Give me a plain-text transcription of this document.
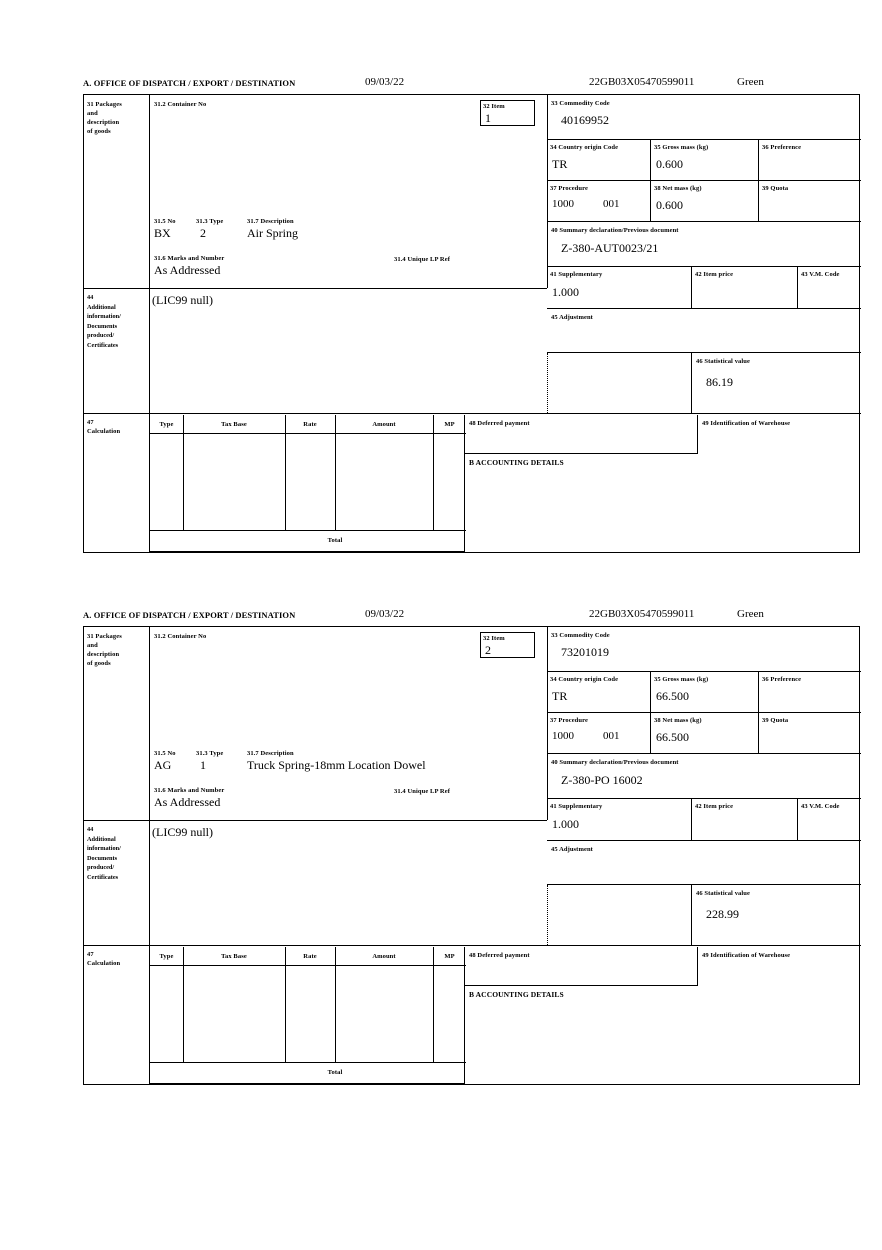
A. OFFICE OF DISPATCH / EXPORT / DESTINATION	09/03/22	22GB03X05470599011	Green
31 Packages
and
description
of goods
31.2 Container No
31.5 No	31.3 Type	31.7 Description
BX 2	Air Spring
31.6 Marks and Number	31.4 Unique LP Ref
As Addressed
32 Item
1
33 Commodity Code
40169952
34 Country origin Code
TR
35 Gross mass (kg)
0.600
36 Preference
37 Procedure
1000	001
38 Net mass (kg)
0.600
39 Quota
40 Summary declaration/Previous document
Z-380-AUT0023/21
41 Supplementary
1.000
42 Item price	43 V.M. Code
45 Adjustment
46 Statistical value
86.19
44
Additional
information/
Documents
produced/
Certificates
(LIC99 null)
47
Calculation
Type	Tax Base	Rate	Amount	MP
Total
48 Deferred payment	49 Identification of Warehouse
B ACCOUNTING DETAILS
A. OFFICE OF DISPATCH / EXPORT / DESTINATION	09/03/22	22GB03X05470599011	Green
31 Packages
and
description
of goods
31.2 Container No
31.5 No	31.3 Type	31.7 Description
AG 1	Truck Spring-18mm Location Dowel
31.6 Marks and Number	31.4 Unique LP Ref
As Addressed
32 Item
2
33 Commodity Code
73201019
34 Country origin Code
TR
35 Gross mass (kg)
66.500
36 Preference
37 Procedure
1000	001
38 Net mass (kg)
66.500
39 Quota
40 Summary declaration/Previous document
Z-380-PO 16002
41 Supplementary
1.000
42 Item price	43 V.M. Code
45 Adjustment
46 Statistical value
228.99
44
Additional
information/
Documents
produced/
Certificates
(LIC99 null)
47
Calculation
Type	Tax Base	Rate	Amount	MP
Total
48 Deferred payment	49 Identification of Warehouse
B ACCOUNTING DETAILS
